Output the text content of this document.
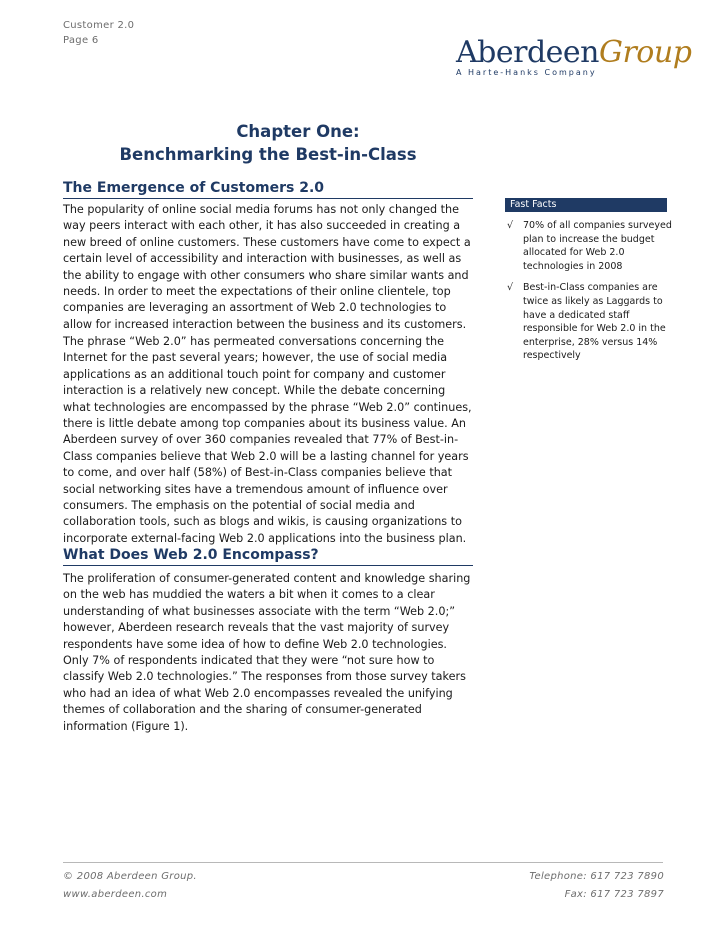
Customer 2.0
Page 6	AberdeenGroup
A Harte-Hanks Company
Chapter One:
Benchmarking the Best-in-Class
The Emergence of Customers 2.0
The popularity of online social media forums has not only changed the way peers interact with each other, it has also succeeded in creating a new breed of online customers. These customers have come to expect a certain level of accessibility and interaction with businesses, as well as the ability to engage with other consumers who share similar wants and needs. In order to meet the expectations of their online clientele, top companies are leveraging an assortment of Web 2.0 technologies to allow for increased interaction between the business and its customers.
The phrase “Web 2.0” has permeated conversations concerning the Internet for the past several years; however, the use of social media applications as an additional touch point for company and customer interaction is a relatively new concept. While the debate concerning what technologies are encompassed by the phrase “Web 2.0” continues, there is little debate among top companies about its business value. An Aberdeen survey of over 360 companies revealed that 77% of Best-in-Class companies believe that Web 2.0 will be a lasting channel for years to come, and over half (58%) of Best-in-Class companies believe that social networking sites have a tremendous amount of influence over consumers. The emphasis on the potential of social media and collaboration tools, such as blogs and wikis, is causing organizations to incorporate external-facing Web 2.0 applications into the business plan.
What Does Web 2.0 Encompass?
The proliferation of consumer-generated content and knowledge sharing on the web has muddied the waters a bit when it comes to a clear understanding of what businesses associate with the term “Web 2.0;” however, Aberdeen research reveals that the vast majority of survey respondents have some idea of how to define Web 2.0 technologies. Only 7% of respondents indicated that they were “not sure how to classify Web 2.0 technologies.” The responses from those survey takers who had an idea of what Web 2.0 encompasses revealed the unifying themes of collaboration and the sharing of consumer-generated information (Figure 1).
Fast Facts
√ 70% of all companies surveyed plan to increase the budget allocated for Web 2.0 technologies in 2008
√ Best-in-Class companies are twice as likely as Laggards to have a dedicated staff responsible for Web 2.0 in the enterprise, 28% versus 14% respectively
© 2008 Aberdeen Group.
www.aberdeen.com
Telephone: 617 723 7890
Fax: 617 723 7897
